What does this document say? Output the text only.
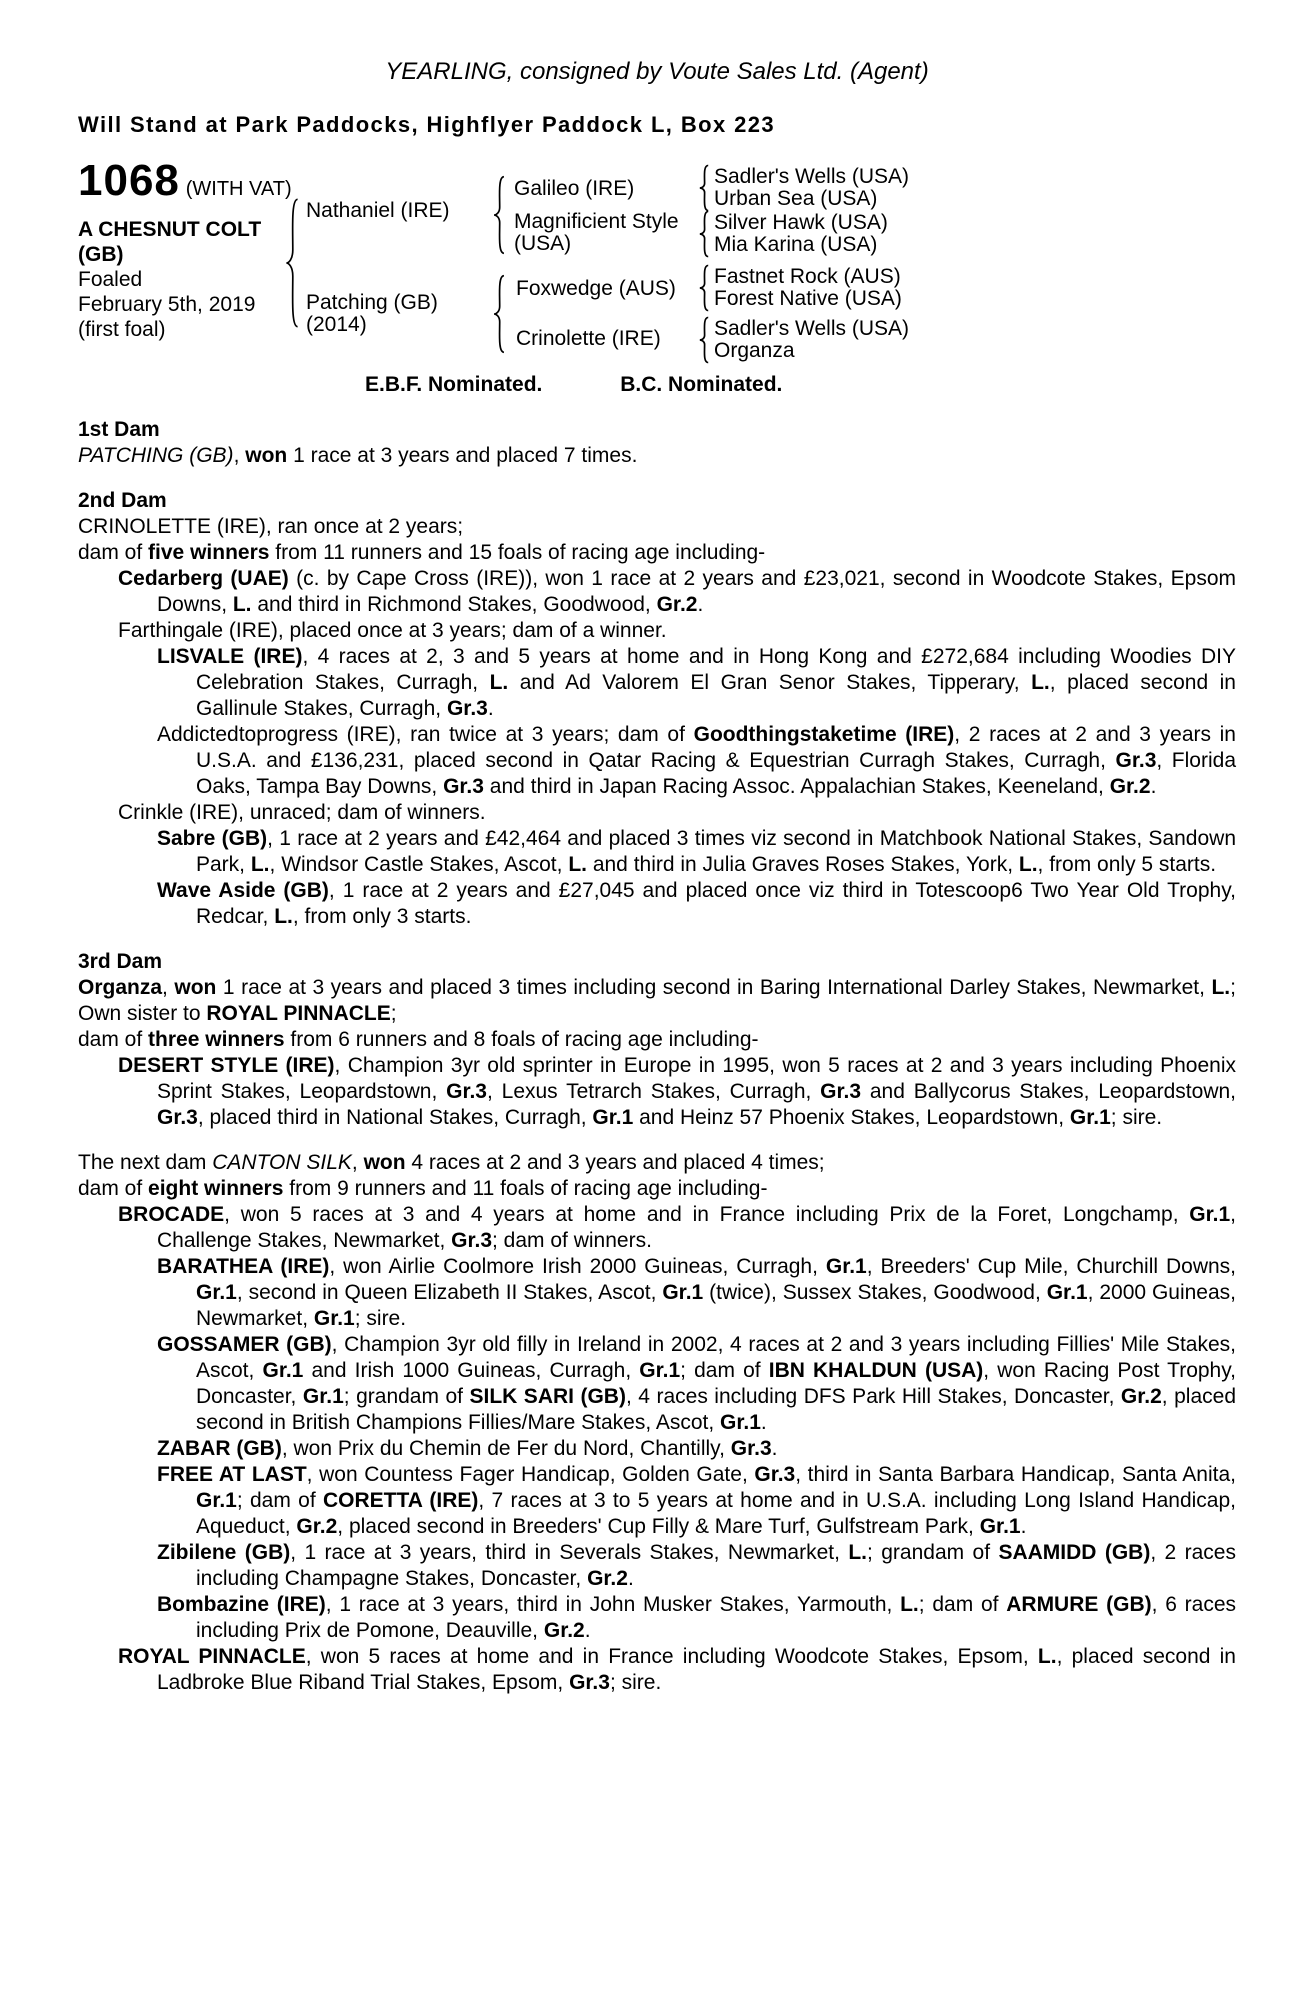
YEARLING, consigned by Voute Sales Ltd. (Agent)
Will Stand at Park Paddocks, Highflyer Paddock L, Box 223
1068 (WITH VAT)
A CHESNUT COLT
(GB)
Foaled
February 5th, 2019
(first foal)
Nathaniel (IRE)
Patching (GB) (2014)
Galileo (IRE)
Magnificient Style (USA)
Foxwedge (AUS)
Crinolette (IRE)
Sadler's Wells (USA)
Urban Sea (USA)
Silver Hawk (USA)
Mia Karina (USA)
Fastnet Rock (AUS)
Forest Native (USA)
Sadler's Wells (USA)
Organza
E.B.F. Nominated.	B.C. Nominated.
1st Dam

PATCHING (GB), won 1 race at 3 years and placed 7 times.

2nd Dam

CRINOLETTE (IRE), ran once at 2 years;

dam of five winners from 11 runners and 15 foals of racing age including-

Cedarberg (UAE) (c. by Cape Cross (IRE)), won 1 race at 2 years and £23,021, second in Woodcote Stakes, Epsom Downs, L. and third in Richmond Stakes, Goodwood, Gr.2.

Farthingale (IRE), placed once at 3 years; dam of a winner.

LISVALE (IRE), 4 races at 2, 3 and 5 years at home and in Hong Kong and £272,684 including Woodies DIY Celebration Stakes, Curragh, L. and Ad Valorem El Gran Senor Stakes, Tipperary, L., placed second in Gallinule Stakes, Curragh, Gr.3.

Addictedtoprogress (IRE), ran twice at 3 years; dam of Goodthingstaketime (IRE), 2 races at 2 and 3 years in U.S.A. and £136,231, placed second in Qatar Racing & Equestrian Curragh Stakes, Curragh, Gr.3, Florida Oaks, Tampa Bay Downs, Gr.3 and third in Japan Racing Assoc. Appalachian Stakes, Keeneland, Gr.2.

Crinkle (IRE), unraced; dam of winners.

Sabre (GB), 1 race at 2 years and £42,464 and placed 3 times viz second in Matchbook National Stakes, Sandown Park, L., Windsor Castle Stakes, Ascot, L. and third in Julia Graves Roses Stakes, York, L., from only 5 starts.

Wave Aside (GB), 1 race at 2 years and £27,045 and placed once viz third in Totescoop6 Two Year Old Trophy, Redcar, L., from only 3 starts.

3rd Dam

Organza, won 1 race at 3 years and placed 3 times including second in Baring International Darley Stakes, Newmarket, L.; Own sister to ROYAL PINNACLE;

dam of three winners from 6 runners and 8 foals of racing age including-

DESERT STYLE (IRE), Champion 3yr old sprinter in Europe in 1995, won 5 races at 2 and 3 years including Phoenix Sprint Stakes, Leopardstown, Gr.3, Lexus Tetrarch Stakes, Curragh, Gr.3 and Ballycorus Stakes, Leopardstown, Gr.3, placed third in National Stakes, Curragh, Gr.1 and Heinz 57 Phoenix Stakes, Leopardstown, Gr.1; sire.

The next dam CANTON SILK, won 4 races at 2 and 3 years and placed 4 times;

dam of eight winners from 9 runners and 11 foals of racing age including-

BROCADE, won 5 races at 3 and 4 years at home and in France including Prix de la Foret, Longchamp, Gr.1, Challenge Stakes, Newmarket, Gr.3; dam of winners.

BARATHEA (IRE), won Airlie Coolmore Irish 2000 Guineas, Curragh, Gr.1, Breeders' Cup Mile, Churchill Downs, Gr.1, second in Queen Elizabeth II Stakes, Ascot, Gr.1 (twice), Sussex Stakes, Goodwood, Gr.1, 2000 Guineas, Newmarket, Gr.1; sire.

GOSSAMER (GB), Champion 3yr old filly in Ireland in 2002, 4 races at 2 and 3 years including Fillies' Mile Stakes, Ascot, Gr.1 and Irish 1000 Guineas, Curragh, Gr.1; dam of IBN KHALDUN (USA), won Racing Post Trophy, Doncaster, Gr.1; grandam of SILK SARI (GB), 4 races including DFS Park Hill Stakes, Doncaster, Gr.2, placed second in British Champions Fillies/Mare Stakes, Ascot, Gr.1.

ZABAR (GB), won Prix du Chemin de Fer du Nord, Chantilly, Gr.3.

FREE AT LAST, won Countess Fager Handicap, Golden Gate, Gr.3, third in Santa Barbara Handicap, Santa Anita, Gr.1; dam of CORETTA (IRE), 7 races at 3 to 5 years at home and in U.S.A. including Long Island Handicap, Aqueduct, Gr.2, placed second in Breeders' Cup Filly & Mare Turf, Gulfstream Park, Gr.1.

Zibilene (GB), 1 race at 3 years, third in Severals Stakes, Newmarket, L.; grandam of SAAMIDD (GB), 2 races including Champagne Stakes, Doncaster, Gr.2.

Bombazine (IRE), 1 race at 3 years, third in John Musker Stakes, Yarmouth, L.; dam of ARMURE (GB), 6 races including Prix de Pomone, Deauville, Gr.2.

ROYAL PINNACLE, won 5 races at home and in France including Woodcote Stakes, Epsom, L., placed second in Ladbroke Blue Riband Trial Stakes, Epsom, Gr.3; sire.
